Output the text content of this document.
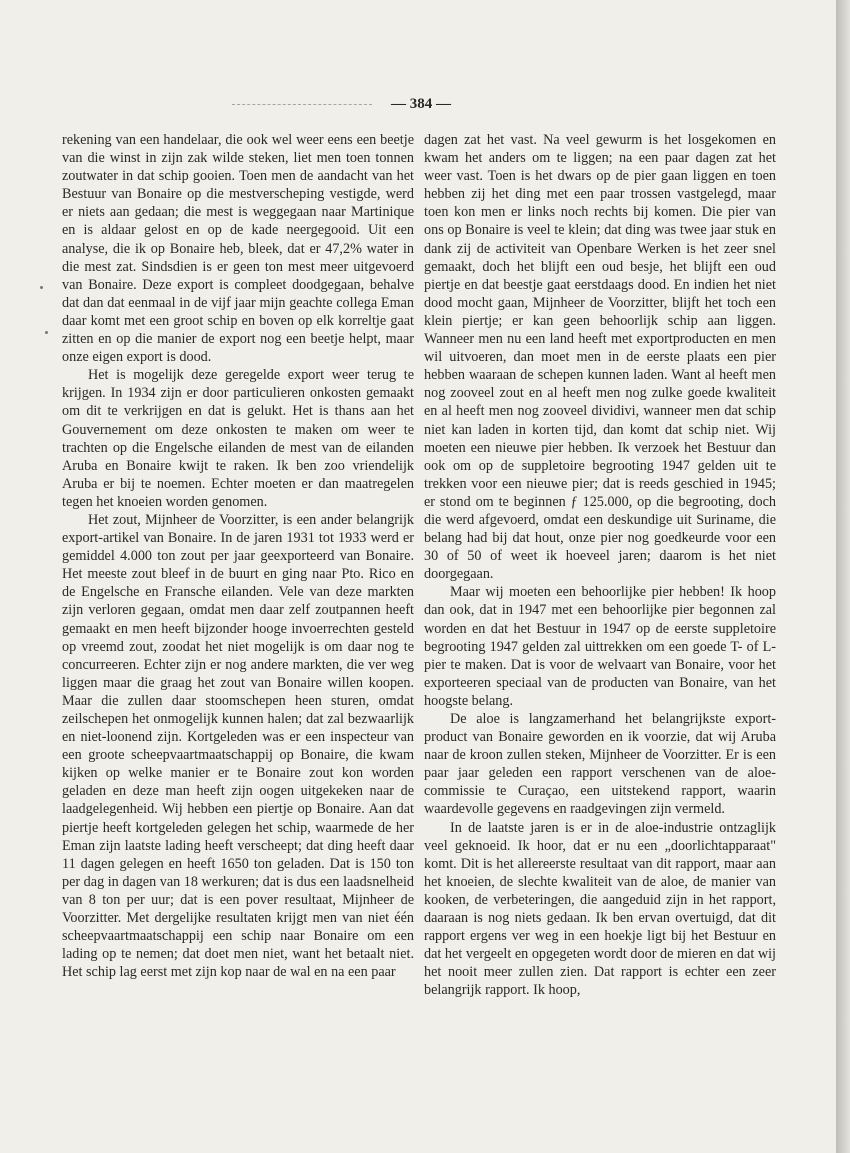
— 384 —

rekening van een handelaar, die ook wel weer eens een beetje van die winst in zijn zak wilde steken, liet men toen tonnen zoutwater in dat schip gooien. Toen men de aandacht van het Bestuur van Bonaire op die mestverscheping vestigde, werd er niets aan gedaan; die mest is weggegaan naar Martinique en is aldaar gelost en op de kade neergegooid. Uit een analyse, die ik op Bonaire heb, bleek, dat er 47,2% water in die mest zat. Sindsdien is er geen ton mest meer uitgevoerd van Bonaire. Deze export is compleet doodgegaan, behalve dat dan dat eenmaal in de vijf jaar mijn geachte collega Eman daar komt met een groot schip en boven op elk korreltje gaat zitten en op die manier de export nog een beetje helpt, maar onze eigen export is dood.

Het is mogelijk deze geregelde export weer terug te krijgen. In 1934 zijn er door particulieren onkosten gemaakt om dit te verkrijgen en dat is gelukt. Het is thans aan het Gouvernement om deze onkosten te maken om weer te trachten op die Engelsche eilanden de mest van de eilanden Aruba en Bonaire kwijt te raken. Ik ben zoo vriendelijk Aruba er bij te noemen. Echter moeten er dan maatregelen tegen het knoeien worden genomen.

Het zout, Mijnheer de Voorzitter, is een ander belangrijk export-artikel van Bonaire. In de jaren 1931 tot 1933 werd er gemiddel 4.000 ton zout per jaar geexporteerd van Bonaire. Het meeste zout bleef in de buurt en ging naar Pto. Rico en de Engelsche en Fransche eilanden. Vele van deze markten zijn verloren gegaan, omdat men daar zelf zoutpannen heeft gemaakt en men heeft bijzonder hooge invoerrechten gesteld op vreemd zout, zoodat het niet mogelijk is om daar nog te concurreeren. Echter zijn er nog andere markten, die ver weg liggen maar die graag het zout van Bonaire willen koopen. Maar die zullen daar stoomschepen heen sturen, omdat zeilschepen het onmogelijk kunnen halen; dat zal bezwaarlijk en niet-loonend zijn. Kortgeleden was er een inspecteur van een groote scheepvaartmaatschappij op Bonaire, die kwam kijken op welke manier er te Bonaire zout kon worden geladen en deze man heeft zijn oogen uitgekeken naar de laadgelegenheid. Wij hebben een piertje op Bonaire. Aan dat piertje heeft kortgeleden gelegen het schip, waarmede de her Eman zijn laatste lading heeft verscheept; dat ding heeft daar 11 dagen gelegen en heeft 1650 ton geladen. Dat is 150 ton per dag in dagen van 18 werkuren; dat is dus een laadsnelheid van 8 ton per uur; dat is een pover resultaat, Mijnheer de Voorzitter. Met dergelijke resultaten krijgt men van niet één scheepvaartmaatschappij een schip naar Bonaire om een lading op te nemen; dat doet men niet, want het betaalt niet. Het schip lag eerst met zijn kop naar de wal en na een paar

dagen zat het vast. Na veel gewurm is het losgekomen en kwam het anders om te liggen; na een paar dagen zat het weer vast. Toen is het dwars op de pier gaan liggen en toen hebben zij het ding met een paar trossen vastgelegd, maar toen kon men er links noch rechts bij komen. Die pier van ons op Bonaire is veel te klein; dat ding was twee jaar stuk en dank zij de activiteit van Openbare Werken is het zeer snel gemaakt, doch het blijft een oud besje, het blijft een oud piertje en dat beestje gaat eerstdaags dood. En indien het niet dood mocht gaan, Mijnheer de Voorzitter, blijft het toch een klein piertje; er kan geen behoorlijk schip aan liggen. Wanneer men nu een land heeft met exportproducten en men wil uitvoeren, dan moet men in de eerste plaats een pier hebben waaraan de schepen kunnen laden. Want al heeft men nog zooveel zout en al heeft men nog zulke goede kwaliteit en al heeft men nog zooveel dividivi, wanneer men dat schip niet kan laden in korten tijd, dan komt dat schip niet. Wij moeten een nieuwe pier hebben. Ik verzoek het Bestuur dan ook om op de suppletoire begrooting 1947 gelden uit te trekken voor een nieuwe pier; dat is reeds geschied in 1945; er stond om te beginnen ƒ 125.000, op die begrooting, doch die werd afgevoerd, omdat een deskundige uit Suriname, die belang had bij dat hout, onze pier nog goedkeurde voor een 30 of 50 of weet ik hoeveel jaren; daarom is het niet doorgegaan.

Maar wij moeten een behoorlijke pier hebben! Ik hoop dan ook, dat in 1947 met een behoorlijke pier begonnen zal worden en dat het Bestuur in 1947 op de eerste suppletoire begrooting 1947 gelden zal uittrekken om een goede T- of L- pier te maken. Dat is voor de welvaart van Bonaire, voor het exporteeren speciaal van de producten van Bonaire, van het hoogste belang.

De aloe is langzamerhand het belangrijkste export-product van Bonaire geworden en ik voorzie, dat wij Aruba naar de kroon zullen steken, Mijnheer de Voorzitter. Er is een paar jaar geleden een rapport verschenen van de aloe-commissie te Curaçao, een uitstekend rapport, waarin waardevolle gegevens en raadgevingen zijn vermeld.

In de laatste jaren is er in de aloe-industrie ontzaglijk veel geknoeid. Ik hoor, dat er nu een „doorlichtapparaat" komt. Dit is het allereerste resultaat van dit rapport, maar aan het knoeien, de slechte kwaliteit van de aloe, de manier van kooken, de verbeteringen, die aangeduid zijn in het rapport, daaraan is nog niets gedaan. Ik ben ervan overtuigd, dat dit rapport ergens ver weg in een hoekje ligt bij het Bestuur en dat het vergeelt en opgegeten wordt door de mieren en dat wij het nooit meer zullen zien. Dat rapport is echter een zeer belangrijk rapport. Ik hoop,
